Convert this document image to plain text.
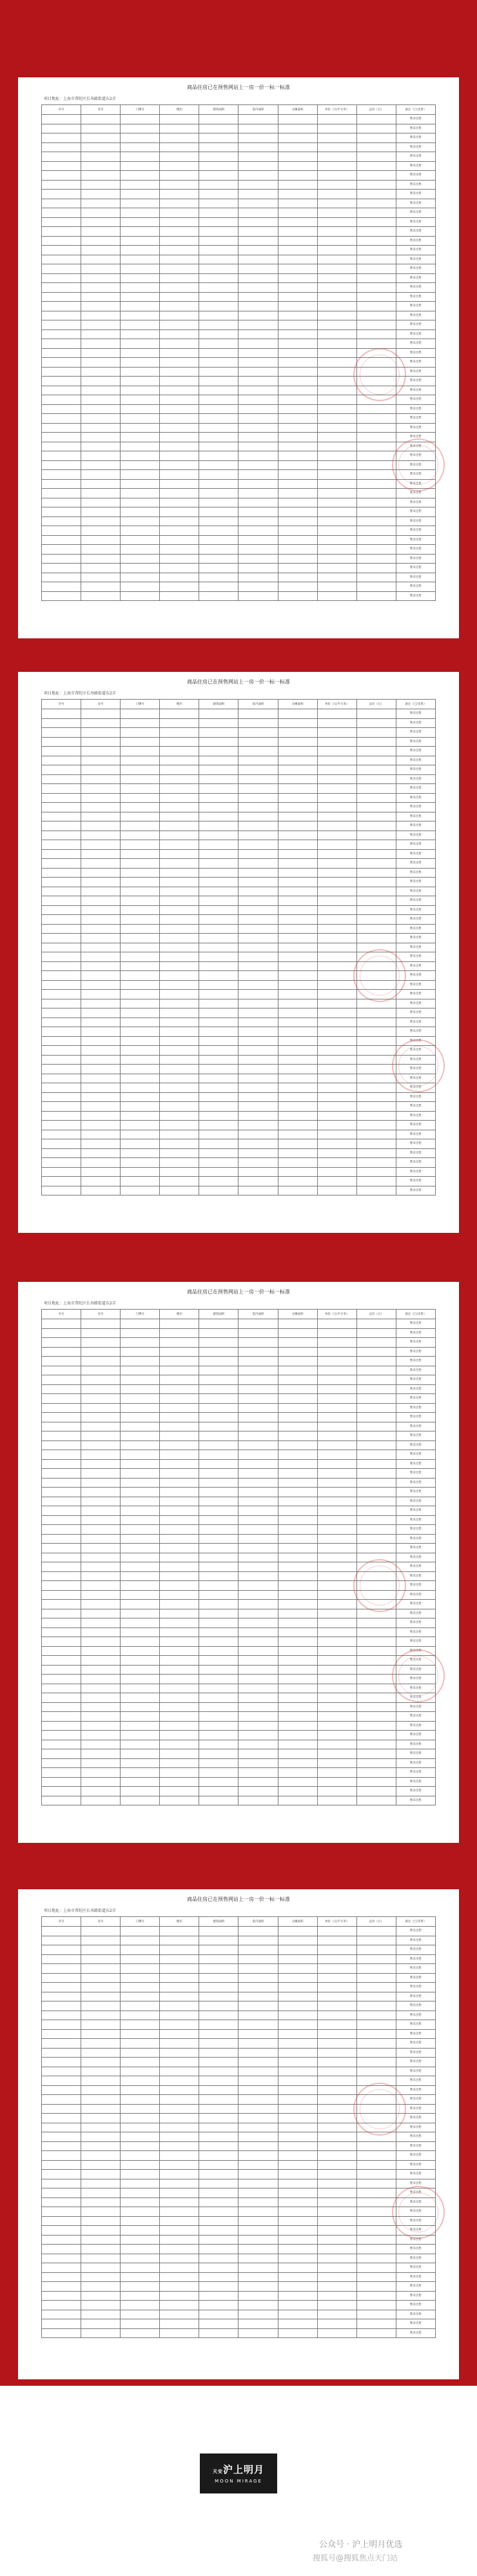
商品住房已在预售网站上一房一价一标一标准
项目地址：上海市普陀区长寿路街道东2弄
序号	房号	门牌号	楼层	建筑面积	套内面积	分摊面积	单价（元/平方米）	总价（元）	备注（已/未售）
									暂未出售
									暂未出售
									暂未出售
									暂未出售
									暂未出售
									暂未出售
									暂未出售
									暂未出售
									暂未出售
									暂未出售
									暂未出售
									暂未出售
									暂未出售
									暂未出售
									暂未出售
									暂未出售
									暂未出售
									暂未出售
									暂未出售
									暂未出售
									暂未出售
									暂未出售
									暂未出售
									暂未出售
									暂未出售
									暂未出售
									暂未出售
									暂未出售
									暂未出售
									暂未出售
									暂未出售
									暂未出售
									暂未出售
									暂未出售
									暂未出售
									暂未出售
									暂未出售
									暂未出售
									暂未出售
									暂未出售
									暂未出售
									暂未出售
									暂未出售
									暂未出售
									暂未出售
									暂未出售
									暂未出售
									暂未出售
									暂未出售
									暂未出售
									暂未出售
									暂未出售
商品住房已在预售网站上一房一价一标一标准
项目地址：上海市普陀区长寿路街道东2弄
序号	房号	门牌号	楼层	建筑面积	套内面积	分摊面积	单价（元/平方米）	总价（元）	备注（已/未售）
									暂未出售
									暂未出售
									暂未出售
									暂未出售
									暂未出售
									暂未出售
									暂未出售
									暂未出售
									暂未出售
									暂未出售
									暂未出售
									暂未出售
									暂未出售
									暂未出售
									暂未出售
									暂未出售
									暂未出售
									暂未出售
									暂未出售
									暂未出售
									暂未出售
									暂未出售
									暂未出售
									暂未出售
									暂未出售
									暂未出售
									暂未出售
									暂未出售
									暂未出售
									暂未出售
									暂未出售
									暂未出售
									暂未出售
									暂未出售
									暂未出售
									暂未出售
									暂未出售
									暂未出售
									暂未出售
									暂未出售
									暂未出售
									暂未出售
									暂未出售
									暂未出售
									暂未出售
									暂未出售
									暂未出售
									暂未出售
									暂未出售
									暂未出售
									暂未出售
									暂未出售
商品住房已在预售网站上一房一价一标一标准
项目地址：上海市普陀区长寿路街道东2弄
序号	房号	门牌号	楼层	建筑面积	套内面积	分摊面积	单价（元/平方米）	总价（元）	备注（已/未售）
									暂未出售
									暂未出售
									暂未出售
									暂未出售
									暂未出售
									暂未出售
									暂未出售
									暂未出售
									暂未出售
									暂未出售
									暂未出售
									暂未出售
									暂未出售
									暂未出售
									暂未出售
									暂未出售
									暂未出售
									暂未出售
									暂未出售
									暂未出售
									暂未出售
									暂未出售
									暂未出售
									暂未出售
									暂未出售
									暂未出售
									暂未出售
									暂未出售
									暂未出售
									暂未出售
									暂未出售
									暂未出售
									暂未出售
									暂未出售
									暂未出售
									暂未出售
									暂未出售
									暂未出售
									暂未出售
									暂未出售
									暂未出售
									暂未出售
									暂未出售
									暂未出售
									暂未出售
									暂未出售
									暂未出售
									暂未出售
									暂未出售
									暂未出售
									暂未出售
									暂未出售
商品住房已在预售网站上一房一价一标一标准
项目地址：上海市普陀区长寿路街道东2弄
序号	房号	门牌号	楼层	建筑面积	套内面积	分摊面积	单价（元/平方米）	总价（元）	备注（已/未售）
									暂未出售
									暂未出售
									暂未出售
									暂未出售
									暂未出售
									暂未出售
									暂未出售
									暂未出售
									暂未出售
									暂未出售
									暂未出售
									暂未出售
									暂未出售
									暂未出售
									暂未出售
									暂未出售
									暂未出售
									暂未出售
									暂未出售
									暂未出售
									暂未出售
									暂未出售
									暂未出售
									暂未出售
									暂未出售
									暂未出售
									暂未出售
									暂未出售
									暂未出售
									暂未出售
									暂未出售
									暂未出售
									暂未出售
									暂未出售
									暂未出售
									暂未出售
									暂未出售
									暂未出售
									暂未出售
									暂未出售
									暂未出售
									暂未出售
									暂未出售
									暂未出售
天安沪上明月
MOON MIRAGE
公众号 · 沪上明月优选
搜狐号@搜狐焦点天门站
